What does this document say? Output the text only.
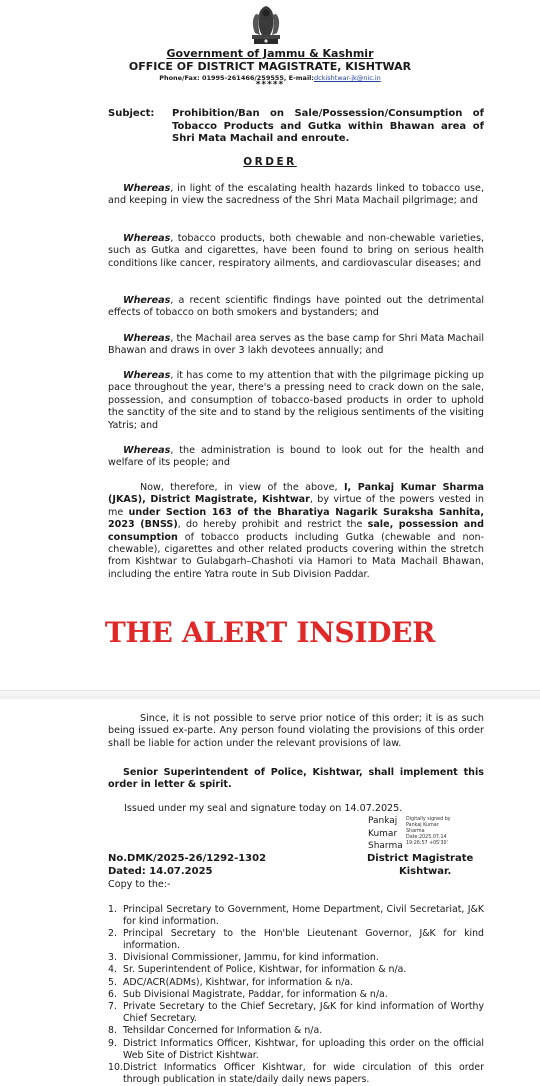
Government of Jammu & Kashmir
OFFICE OF DISTRICT MAGISTRATE, KISHTWAR
Phone/Fax: 01995-261466/259555, E-mail:dckishtwar-jk@nic.in
*****
Subject: Prohibition/Ban on Sale/Possession/Consumption of Tobacco Products and Gutka within Bhawan area of Shri Mata Machail and enroute.
ORDER
Whereas, in light of the escalating health hazards linked to tobacco use, and keeping in view the sacredness of the Shri Mata Machail pilgrimage; and
Whereas, tobacco products, both chewable and non-chewable varieties, such as Gutka and cigarettes, have been found to bring on serious health conditions like cancer, respiratory ailments, and cardiovascular diseases; and
Whereas, a recent scientific findings have pointed out the detrimental effects of tobacco on both smokers and bystanders; and
Whereas, the Machail area serves as the base camp for Shri Mata Machail Bhawan and draws in over 3 lakh devotees annually; and
Whereas, it has come to my attention that with the pilgrimage picking up pace throughout the year, there's a pressing need to crack down on the sale, possession, and consumption of tobacco-based products in order to uphold the sanctity of the site and to stand by the religious sentiments of the visiting Yatris; and
Whereas, the administration is bound to look out for the health and welfare of its people; and
Now, therefore, in view of the above, I, Pankaj Kumar Sharma (JKAS), District Magistrate, Kishtwar, by virtue of the powers vested in me under Section 163 of the Bharatiya Nagarik Suraksha Sanhita, 2023 (BNSS), do hereby prohibit and restrict the sale, possession and consumption of tobacco products including Gutka (chewable and non-chewable), cigarettes and other related products covering within the stretch from Kishtwar to Gulabgarh–Chashoti via Hamori to Mata Machail Bhawan, including the entire Yatra route in Sub Division Paddar.
THE ALERT INSIDER
Since, it is not possible to serve prior notice of this order; it is as such being issued ex-parte. Any person found violating the provisions of this order shall be liable for action under the relevant provisions of law.
Senior Superintendent of Police, Kishtwar, shall implement this order in letter & spirit.
Issued under my seal and signature today on 14.07.2025.
Pankaj
Kumar
Sharma
Digitally signed by
Pankaj Kumar
Sharma
Date:2025.07.14
19:26:57 +05'30'
No.DMK/2025-26/1292-1302
Dated: 14.07.2025
District Magistrate
Kishtwar.
Copy to the:-
1. Principal Secretary to Government, Home Department, Civil Secretariat, J&K for kind information.
2. Principal Secretary to the Hon'ble Lieutenant Governor, J&K for kind information.
3. Divisional Commissioner, Jammu, for kind information.
4. Sr. Superintendent of Police, Kishtwar, for information & n/a.
5. ADC/ACR(ADMs), Kishtwar, for information & n/a.
6. Sub Divisional Magistrate, Paddar, for information & n/a.
7. Private Secretary to the Chief Secretary, J&K for kind information of Worthy Chief Secretary.
8. Tehsildar Concerned for Information & n/a.
9. District Informatics Officer, Kishtwar, for uploading this order on the official Web Site of District Kishtwar.
10. District Informatics Officer Kishtwar, for wide circulation of this order through publication in state/daily daily news papers.
